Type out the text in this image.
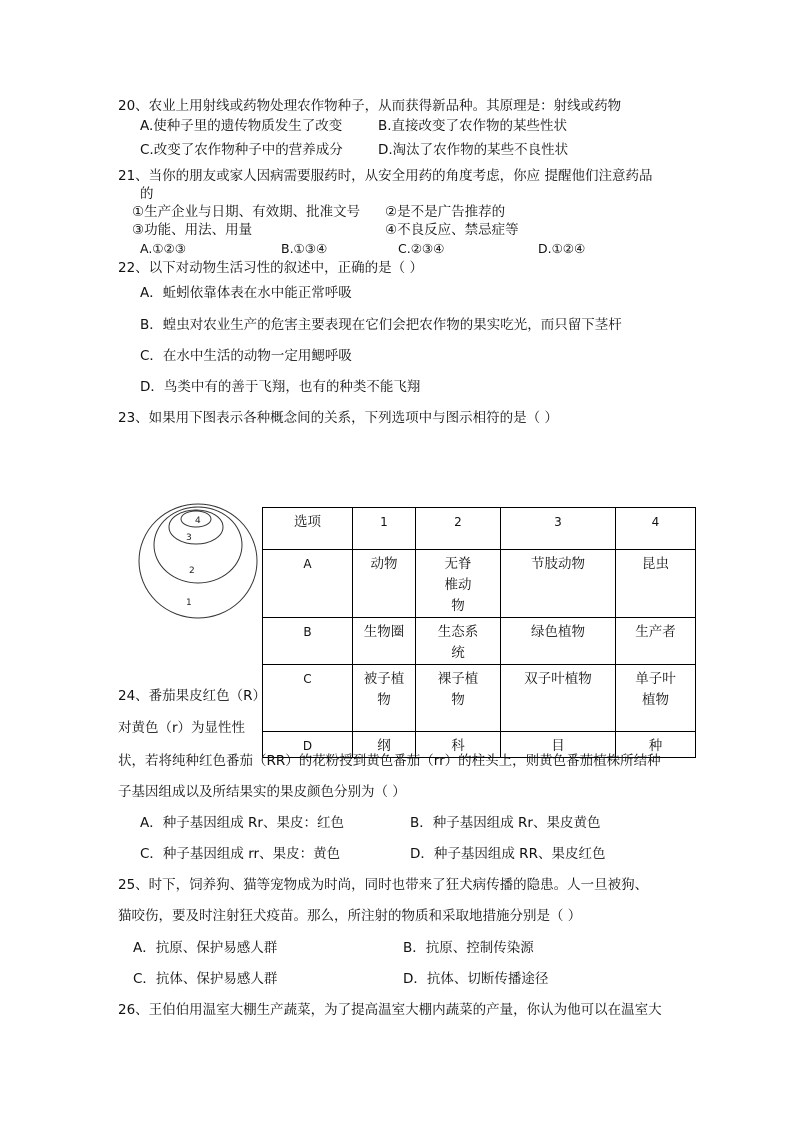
20、农业上用射线或药物处理农作物种子，从而获得新品种。其原理是：射线或药物
A.使种子里的遗传物质发生了改变	B.直接改变了农作物的某些性状
C.改变了农作物种子中的营养成分	D.淘汰了农作物的某些不良性状
21、当你的朋友或家人因病需要服药时，从安全用药的角度考虑，你应 提醒他们注意药品
的
①生产企业与日期、有效期、批准文号 ②是不是广告推荐的
③功能、用法、用量	④不良反应、禁忌症等
A.①②③	B.①③④	C.②③④	D.①②④
22、以下对动物生活习性的叙述中，正确的是（ ）
A．蚯蚓依靠体表在水中能正常呼吸
B．蝗虫对农业生产的危害主要表现在它们会把农作物的果实吃光，而只留下茎杆
C．在水中生活的动物一定用鳃呼吸
D．鸟类中有的善于飞翔，也有的种类不能飞翔
23、如果用下图表示各种概念间的关系，下列选项中与图示相符的是（ ）
4
3
2
1
选项	1	2	3	4
A	动物	无脊椎动物	节肢动物	昆虫
B	生物圈	生态系统	绿色植物	生产者
C	被子植物	裸子植物	双子叶植物	单子叶植物
D	纲	科	目	种
24、番茄果皮红色（R）
对黄色（r）为显性性
状，若将纯种红色番茄（RR）的花粉授到黄色番茄（rr）的柱头上，则黄色番茄植株所结种
子基因组成以及所结果实的果皮颜色分别为（ ）
A．种子基因组成 Rr、果皮：红色	B．种子基因组成 Rr、果皮黄色
C．种子基因组成 rr、果皮：黄色	D．种子基因组成 RR、果皮红色
25、时下，饲养狗、猫等宠物成为时尚，同时也带来了狂犬病传播的隐患。人一旦被狗、
猫咬伤，要及时注射狂犬疫苗。那么，所注射的物质和采取地措施分别是（ ）
A．抗原、保护易感人群	B．抗原、控制传染源
C．抗体、保护易感人群	D．抗体、切断传播途径
26、王伯伯用温室大棚生产蔬菜，为了提高温室大棚内蔬菜的产量，你认为他可以在温室大
